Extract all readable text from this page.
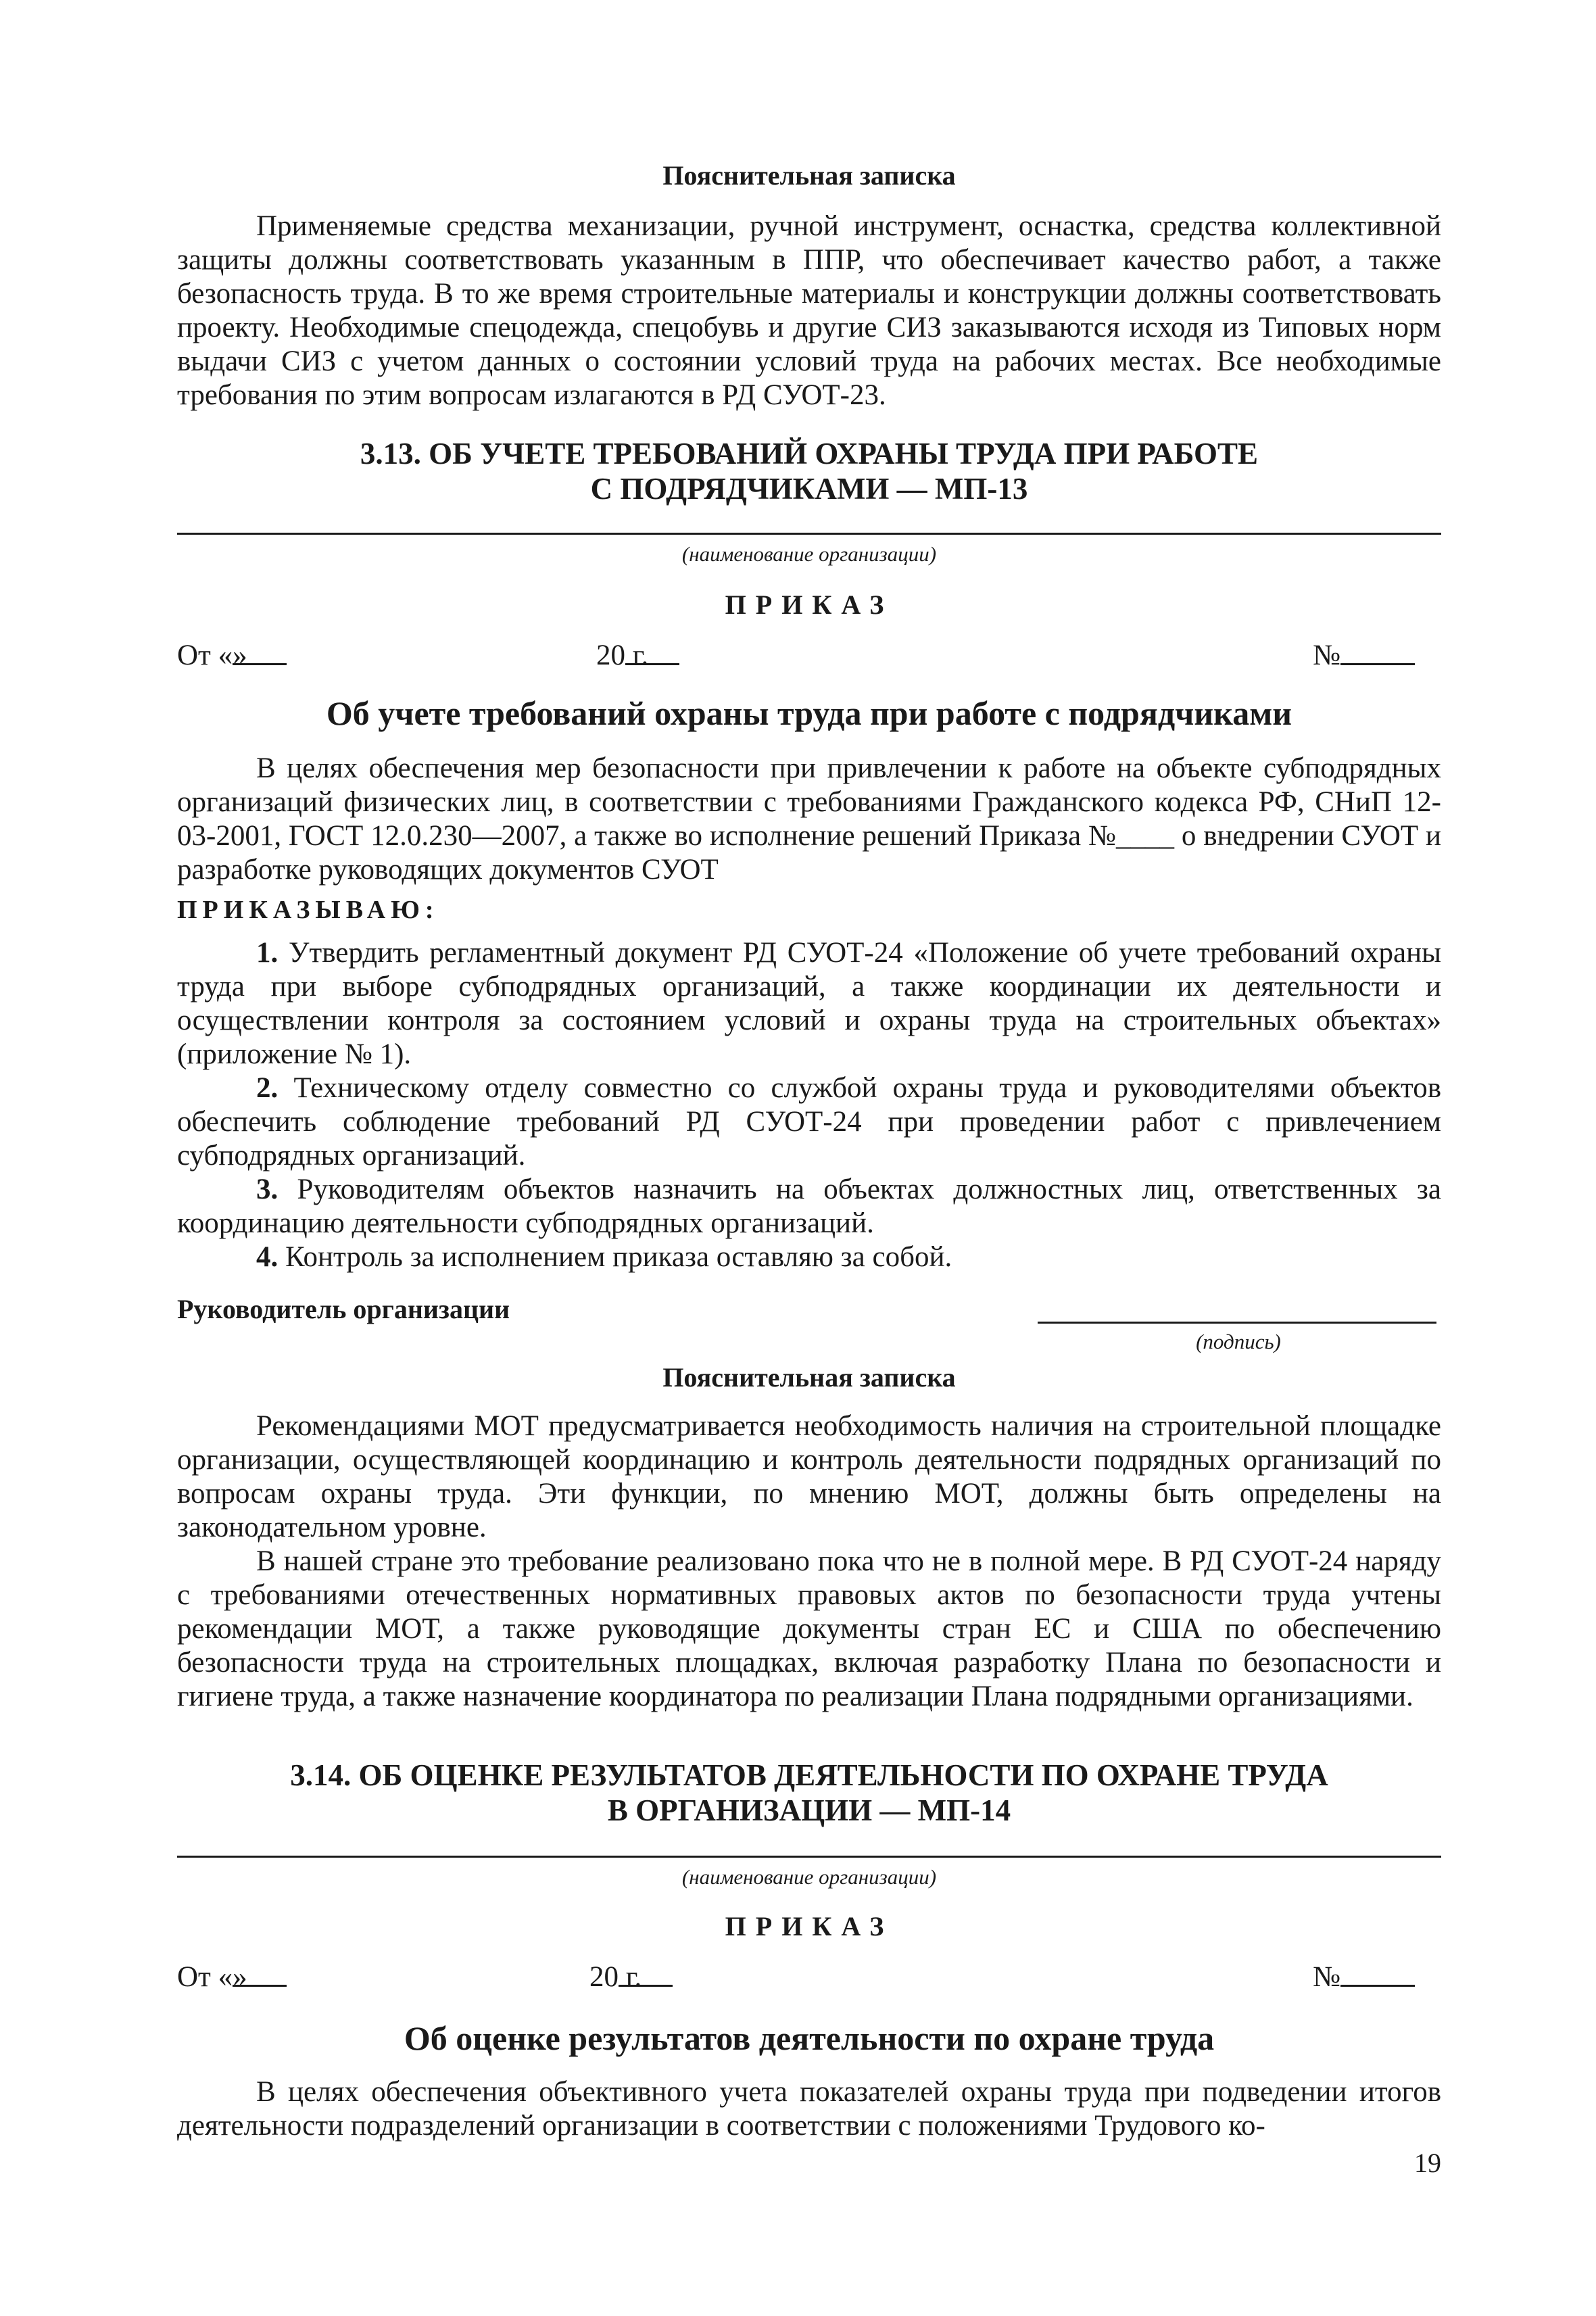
Пояснительная записка

Применяемые средства механизации, ручной инструмент, оснастка, средства коллективной защиты должны соответствовать указанным в ППР, что обеспечивает качество работ, а также безопасность труда. В то же время строительные материалы и конструкции должны соответствовать проекту. Необходимые спецодежда, спецобувь и другие СИЗ заказываются исходя из Типовых норм выдачи СИЗ с учетом данных о состоянии условий труда на рабочих местах. Все необходимые требования по этим вопросам излагаются в РД СУОТ-23.

3.13. ОБ УЧЕТЕ ТРЕБОВАНИЙ ОХРАНЫ ТРУДА ПРИ РАБОТЕ
С ПОДРЯДЧИКАМИ — МП-13
(наименование организации)
ПРИКАЗ
От «
»	20 г.	№
Об учете требований охраны труда при работе с подрядчиками

В целях обеспечения мер безопасности при привлечении к работе на объекте субподрядных организаций физических лиц, в соответствии с требованиями Гражданского кодекса РФ, СНиП 12-03-2001, ГОСТ 12.0.230—2007, а также во исполнение решений Приказа №____ о внедрении СУОТ и разработке руководящих документов СУОТ

ПРИКАЗЫВАЮ:

1. Утвердить регламентный документ РД СУОТ-24 «Положение об учете требований охраны труда при выборе субподрядных организаций, а также координации их деятельности и осуществлении контроля за состоянием условий и охраны труда на строительных объектах» (приложение № 1).

2. Техническому отделу совместно со службой охраны труда и руководителями объектов обеспечить соблюдение требований РД СУОТ-24 при проведении работ с привлечением субподрядных организаций.

3. Руководителям объектов назначить на объектах должностных лиц, ответственных за координацию деятельности субподрядных организаций.

4. Контроль за исполнением приказа оставляю за собой.

Руководитель организации
(подпись)
Пояснительная записка

Рекомендациями МОТ предусматривается необходимость наличия на строительной площадке организации, осуществляющей координацию и контроль деятельности подрядных организаций по вопросам охраны труда. Эти функции, по мнению МОТ, должны быть определены на законодательном уровне.

В нашей стране это требование реализовано пока что не в полной мере. В РД СУОТ-24 наряду с требованиями отечественных нормативных правовых актов по безопасности труда учтены рекомендации МОТ, а также руководящие документы стран ЕС и США по обеспечению безопасности труда на строительных площадках, включая разработку Плана по безопасности и гигиене труда, а также назначение координатора по реализации Плана подрядными организациями.

3.14. ОБ ОЦЕНКЕ РЕЗУЛЬТАТОВ ДЕЯТЕЛЬНОСТИ ПО ОХРАНЕ ТРУДА
В ОРГАНИЗАЦИИ — МП-14
(наименование организации)
ПРИКАЗ
От «
»	20 г.	№
Об оценке результатов деятельности по охране труда

В целях обеспечения объективного учета показателей охраны труда при подведении итогов деятельности подразделений организации в соответствии с положениями Трудового ко-

19
